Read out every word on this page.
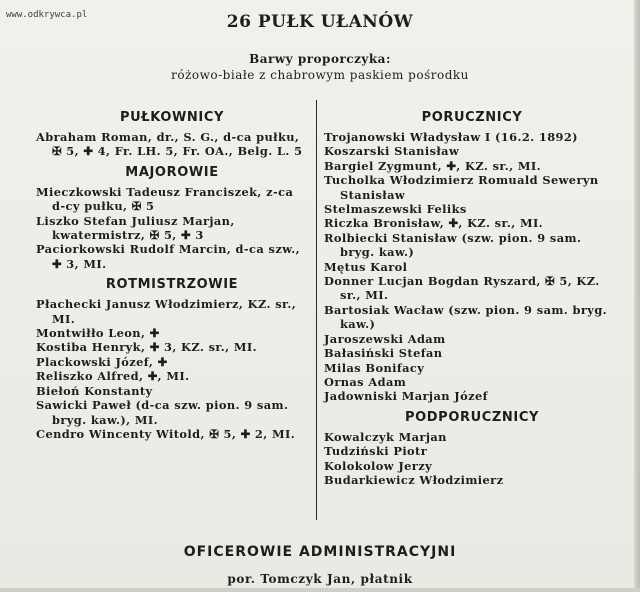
www.odkrywca.pl	26 PUŁK UŁANÓW
Barwy proporczyka:
różowo-białe z chabrowym paskiem pośrodku
PUŁKOWNICY
Abraham Roman, dr., S. G., d-ca pułku, ✠ 5, ✚ 4, Fr. LH. 5, Fr. OA., Belg. L. 5
MAJOROWIE
Mieczkowski Tadeusz Franciszek, z-ca d-cy pułku, ✠ 5
Liszko Stefan Juliusz Marjan, kwatermistrz, ✠ 5, ✚ 3
Paciorkowski Rudolf Marcin, d-ca szw., ✚ 3, MI.
ROTMISTRZOWIE
Płachecki Janusz Włodzimierz, KZ. sr., MI.
Montwiłło Leon, ✚
Kostiba Henryk, ✚ 3, KZ. sr., MI.
Plackowski Józef, ✚
Reliszko Alfred, ✚, MI.
Biełoń Konstanty
Sawicki Paweł (d-ca szw. pion. 9 sam. bryg. kaw.), MI.
Cendro Wincenty Witold, ✠ 5, ✚ 2, MI.
PORUCZNICY
Trojanowski Władysław I (16.2. 1892)
Koszarski Stanisław
Bargiel Zygmunt, ✚, KZ. sr., MI.
Tucholka Włodzimierz Romuald Seweryn Stanisław
Stelmaszewski Feliks
Riczka Bronisław, ✚, KZ. sr., MI.
Rolbiecki Stanisław (szw. pion. 9 sam. bryg. kaw.)
Mętus Karol
Donner Lucjan Bogdan Ryszard, ✠ 5, KZ. sr., MI.
Bartosiak Wacław (szw. pion. 9 sam. bryg. kaw.)
Jaroszewski Adam
Bałasiński Stefan
Milas Bonifacy
Ornas Adam
Jadowniski Marjan Józef
PODPORUCZNICY
Kowalczyk Marjan
Tudziński Piotr
Kolokolow Jerzy
Budarkiewicz Włodzimierz
OFICEROWIE ADMINISTRACYJNI
por. Tomczyk Jan, płatnik
